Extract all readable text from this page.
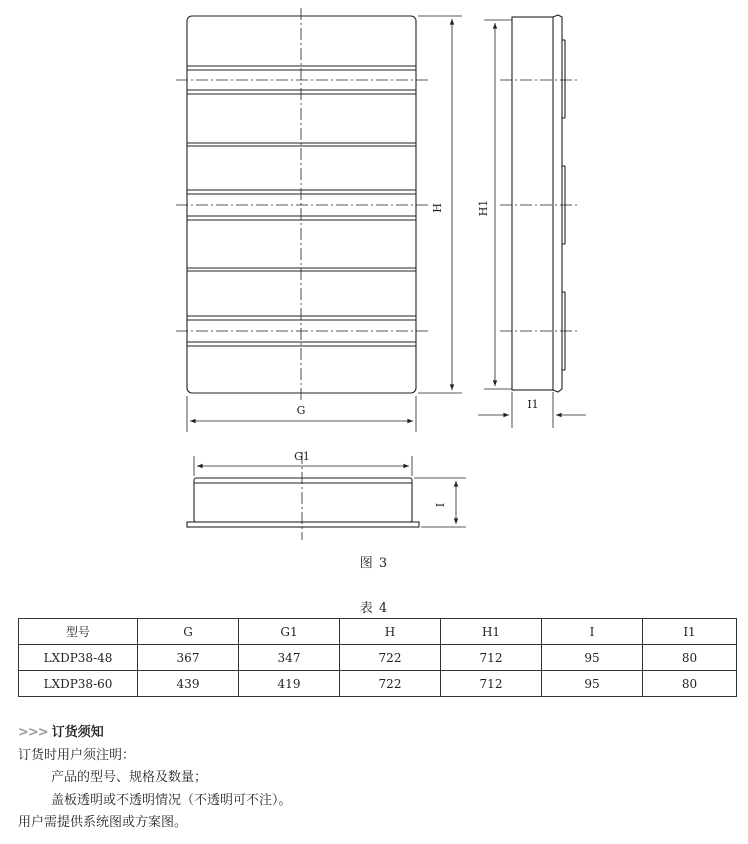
H
G
H1
I1
G1
I
图 3
表 4
型号	G	G1	H	H1	I	I1
LXDP38-48	367	347	722	712	95	80
LXDP38-60	439	419	722	712	95	80
>>> 订货须知
订货时用户须注明：
产品的型号、规格及数量；
盖板透明或不透明情况（不透明可不注）。
用户需提供系统图或方案图。
